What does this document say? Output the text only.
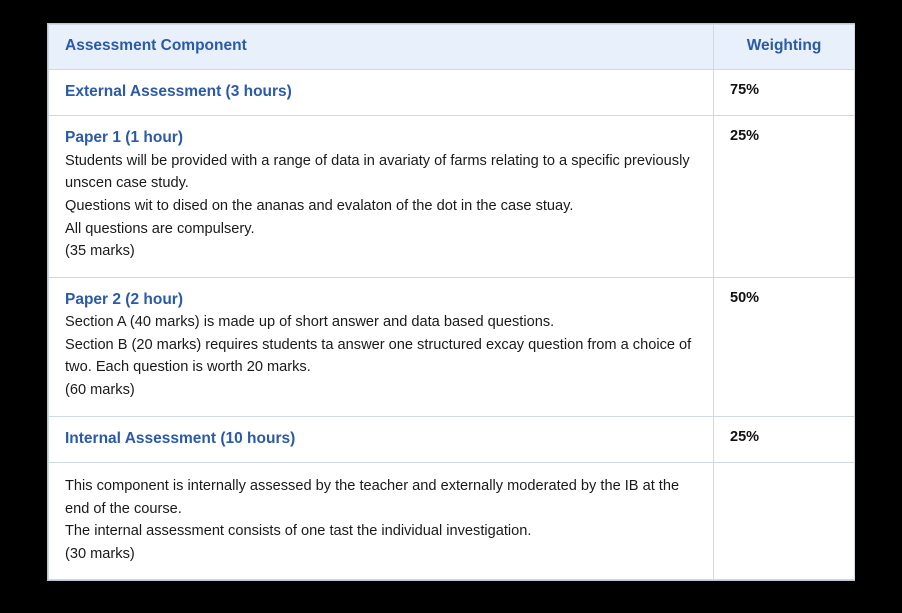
Assessment Component	Weighting

External Assessment (3 hours)	75%

Paper 1 (1 hour)
Students will be provided with a range of data in avariaty of farms relating to a specific previously unscen case study.
Questions wit to dised on the ananas and evalaton of the dot in the case stuay.
All questions are compulsery.
(35 marks)	25%

Paper 2 (2 hour)
Section A (40 marks) is made up of short answer and data based questions.
Section B (20 marks) requires students ta answer one structured excay question from a choice of two. Each question is worth 20 marks.
(60 marks)	50%

Internal Assessment (10 hours)	25%

This component is internally assessed by the teacher and externally moderated by the IB at the end of the course.
The internal assessment consists of one tast the individual investigation.
(30 marks)	
